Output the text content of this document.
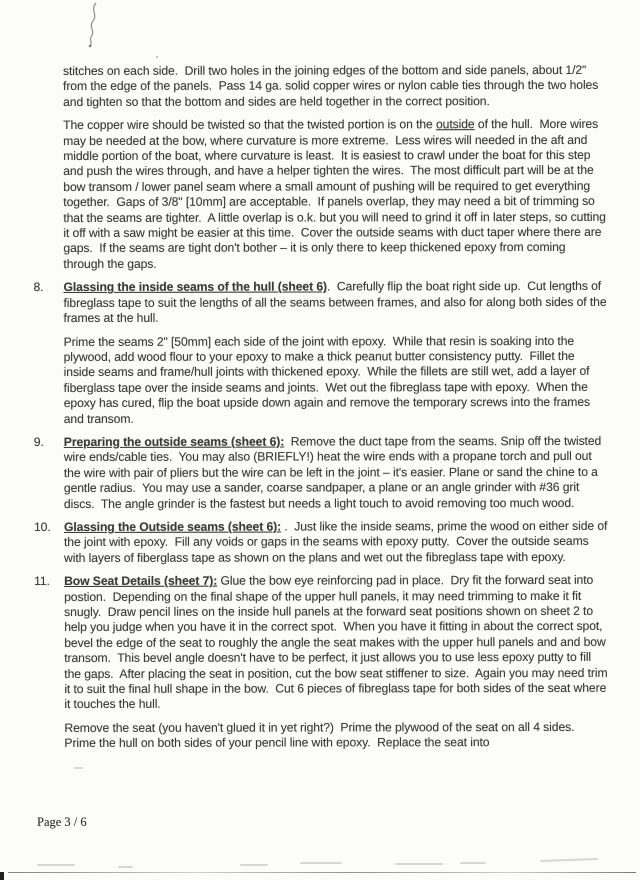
stitches on each side.  Drill two holes in the joining edges of the bottom and side panels, about 1/2" from the edge of the panels.  Pass 14 ga. solid copper wires or nylon cable ties through the two holes and tighten so that the bottom and sides are held together in the correct position.

The copper wire should be twisted so that the twisted portion is on the outside of the hull.  More wires may be needed at the bow, where curvature is more extreme.  Less wires will needed in the aft and middle portion of the boat, where curvature is least.  It is easiest to crawl under the boat for this step and push the wires through, and have a helper tighten the wires.  The most difficult part will be at the bow transom / lower panel seam where a small amount of pushing will be required to get everything together.  Gaps of 3/8" [10mm] are acceptable.  If panels overlap, they may need a bit of trimming so that the seams are tighter.  A little overlap is o.k. but you will need to grind it off in later steps, so cutting it off with a saw might be easier at this time.  Cover the outside seams with duct taper where there are gaps.  If the seams are tight don't bother – it is only there to keep thickened epoxy from coming through the gaps.

8. Glassing the inside seams of the hull (sheet 6).  Carefully flip the boat right side up.  Cut lengths of fibreglass tape to suit the lengths of all the seams between frames, and also for along both sides of the frames at the hull.

Prime the seams 2" [50mm] each side of the joint with epoxy.  While that resin is soaking into the plywood, add wood flour to your epoxy to make a thick peanut butter consistency putty.  Fillet the inside seams and frame/hull joints with thickened epoxy.  While the fillets are still wet, add a layer of fiberglass tape over the inside seams and joints.  Wet out the fibreglass tape with epoxy.  When the epoxy has cured, flip the boat upside down again and remove the temporary screws into the frames and transom.

9. Preparing the outside seams (sheet 6):  Remove the duct tape from the seams. Snip off the twisted wire ends/cable ties.  You may also (BRIEFLY!) heat the wire ends with a propane torch and pull out the wire with pair of pliers but the wire can be left in the joint – it's easier. Plane or sand the chine to a gentle radius.  You may use a sander, coarse sandpaper, a plane or an angle grinder with #36 grit discs.  The angle grinder is the fastest but needs a light touch to avoid removing too much wood.

10. Glassing the Outside seams (sheet 6): .  Just like the inside seams, prime the wood on either side of the joint with epoxy.  Fill any voids or gaps in the seams with epoxy putty.  Cover the outside seams with layers of fiberglass tape as shown on the plans and wet out the fibreglass tape with epoxy.

11. Bow Seat Details (sheet 7): Glue the bow eye reinforcing pad in place.  Dry fit the forward seat into postion.  Depending on the final shape of the upper hull panels, it may need trimming to make it fit snugly.  Draw pencil lines on the inside hull panels at the forward seat positions shown on sheet 2 to help you judge when you have it in the correct spot.  When you have it fitting in about the correct spot, bevel the edge of the seat to roughly the angle the seat makes with the upper hull panels and and bow transom.  This bevel angle doesn't have to be perfect, it just allows you to use less epoxy putty to fill the gaps.  After placing the seat in position, cut the bow seat stiffener to size.  Again you may need trim it to suit the final hull shape in the bow.  Cut 6 pieces of fibreglass tape for both sides of the seat where it touches the hull.

Remove the seat (you haven't glued it in yet right?)  Prime the plywood of the seat on all 4 sides.  Prime the hull on both sides of your pencil line with epoxy.  Replace the seat into

Page 3 / 6
